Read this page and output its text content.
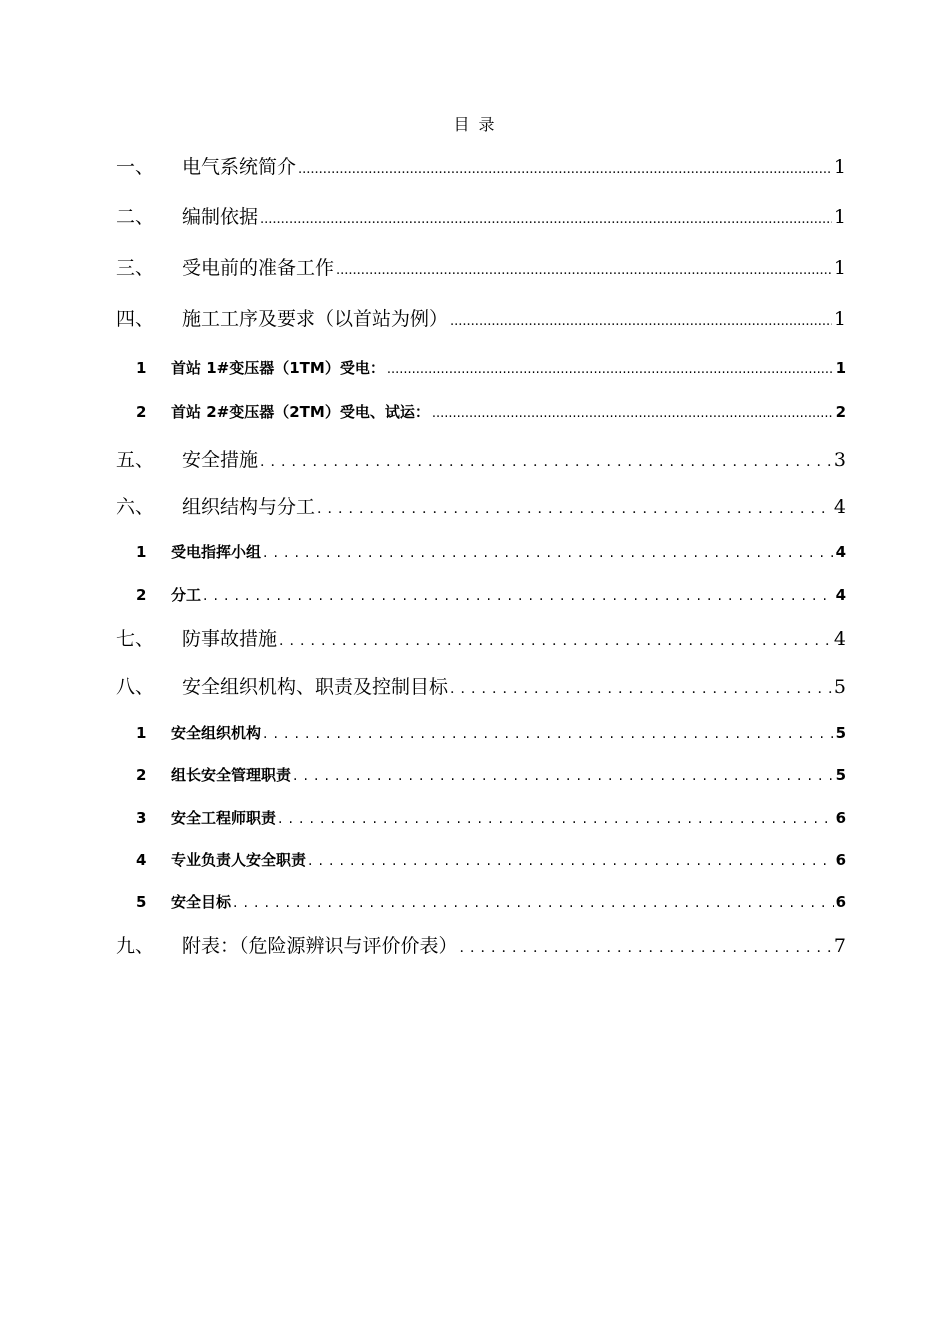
目 录
一、	电气系统简介 .....	1
二、	编制依据 .....	1
三、	受电前的准备工作 .....	1
四、	施工工序及要求（以首站为例） .....	1
1	首站 1#变压器（1TM）受电： .....	1
2	首站 2#变压器（2TM）受电、试运： .....	2
五、	安全措施 . . .	3
六、	组织结构与分工 . . .	4
1	受电指挥小组 . . .	4
2	分工 . . .	4
七、	防事故措施 . . .	4
八、	安全组织机构、职责及控制目标 . . .	5
1	安全组织机构 . . .	5
2	组长安全管理职责 . . .	5
3	安全工程师职责 . . .	6
4	专业负责人安全职责 . . .	6
5	安全目标 . . .	6
九、	附表：（危险源辨识与评价价表） . . .	7
